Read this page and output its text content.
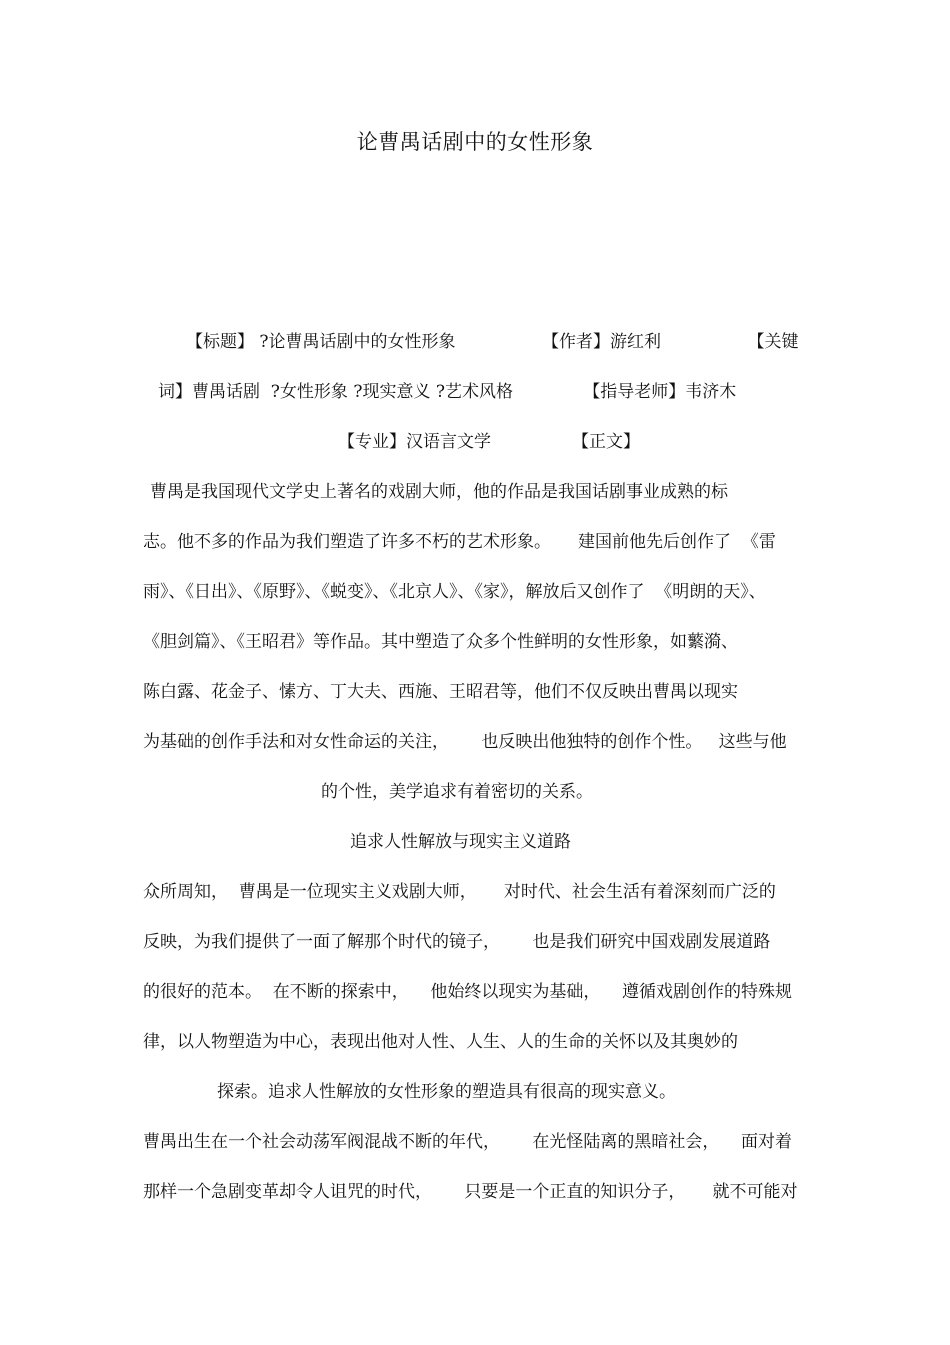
论曹禺话剧中的女性形象
【标题】 ?论曹禺话剧中的女性形象                【作者】游红利                【关键
词】曹禺话剧  ?女性形象 ?现实意义 ?艺术风格             【指导老师】韦济木
【专业】汉语言文学               【正文】
曹禺是我国现代文学史上著名的戏剧大师，他的作品是我国话剧事业成熟的标
志。他不多的作品为我们塑造了许多不朽的艺术形象。     建国前他先后创作了  《雷
雨》、《日出》、《原野》、《蜕变》、《北京人》、《家》，解放后又创作了  《明朗的天》、
《胆剑篇》、《王昭君》等作品。其中塑造了众多个性鲜明的女性形象，如蘩漪、
陈白露、花金子、愫方、丁大夫、西施、王昭君等，他们不仅反映出曹禺以现实
为基础的创作手法和对女性命运的关注，      也反映出他独特的创作个性。   这些与他
的个性，美学追求有着密切的关系。
追求人性解放与现实主义道路
众所周知，  曹禺是一位现实主义戏剧大师，     对时代、社会生活有着深刻而广泛的
反映，为我们提供了一面了解那个时代的镜子，      也是我们研究中国戏剧发展道路
的很好的范本。  在不断的探索中，    他始终以现实为基础，    遵循戏剧创作的特殊规
律，以人物塑造为中心，表现出他对人性、人生、人的生命的关怀以及其奥妙的
探索。追求人性解放的女性形象的塑造具有很高的现实意义。
曹禺出生在一个社会动荡军阀混战不断的年代，      在光怪陆离的黑暗社会，    面对着
那样一个急剧变革却令人诅咒的时代，      只要是一个正直的知识分子，     就不可能对
